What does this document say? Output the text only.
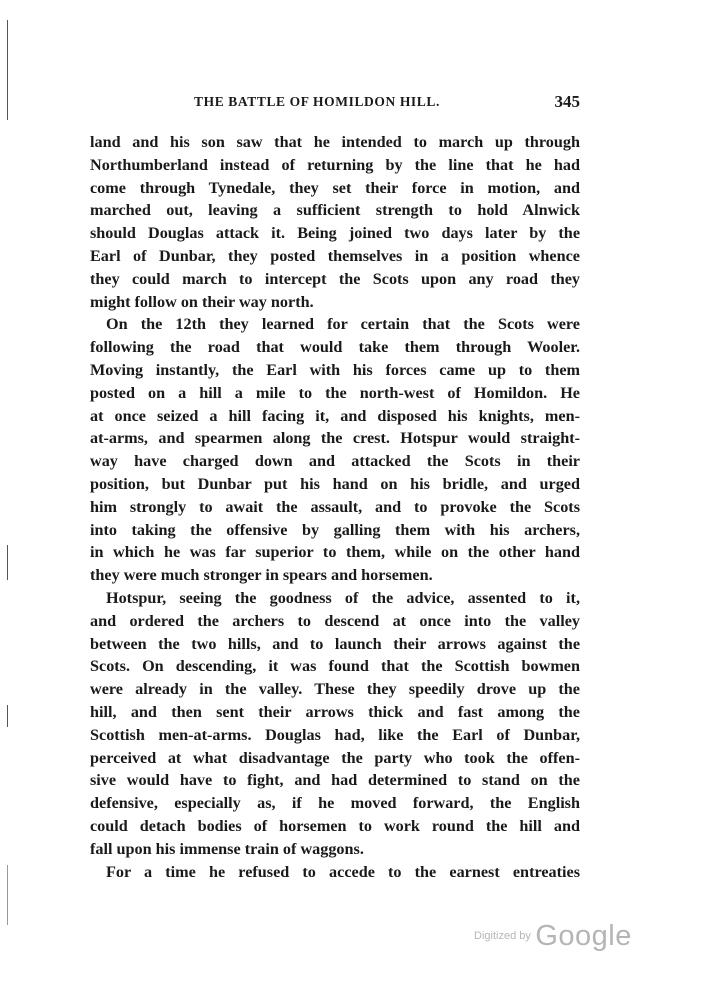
THE BATTLE OF HOMILDON HILL.	345
land and his son saw that he intended to march up through
Northumberland instead of returning by the line that he had
come through Tynedale, they set their force in motion, and
marched out, leaving a sufficient strength to hold Alnwick
should Douglas attack it. Being joined two days later by the
Earl of Dunbar, they posted themselves in a position whence
they could march to intercept the Scots upon any road they
might follow on their way north.
On the 12th they learned for certain that the Scots were
following the road that would take them through Wooler.
Moving instantly, the Earl with his forces came up to them
posted on a hill a mile to the north-west of Homildon. He
at once seized a hill facing it, and disposed his knights, men-
at-arms, and spearmen along the crest. Hotspur would straight-
way have charged down and attacked the Scots in their
position, but Dunbar put his hand on his bridle, and urged
him strongly to await the assault, and to provoke the Scots
into taking the offensive by galling them with his archers,
in which he was far superior to them, while on the other hand
they were much stronger in spears and horsemen.
Hotspur, seeing the goodness of the advice, assented to it,
and ordered the archers to descend at once into the valley
between the two hills, and to launch their arrows against the
Scots. On descending, it was found that the Scottish bowmen
were already in the valley. These they speedily drove up the
hill, and then sent their arrows thick and fast among the
Scottish men-at-arms. Douglas had, like the Earl of Dunbar,
perceived at what disadvantage the party who took the offen-
sive would have to fight, and had determined to stand on the
defensive, especially as, if he moved forward, the English
could detach bodies of horsemen to work round the hill and
fall upon his immense train of waggons.
For a time he refused to accede to the earnest entreaties
$^{Digitized by}$ Google
